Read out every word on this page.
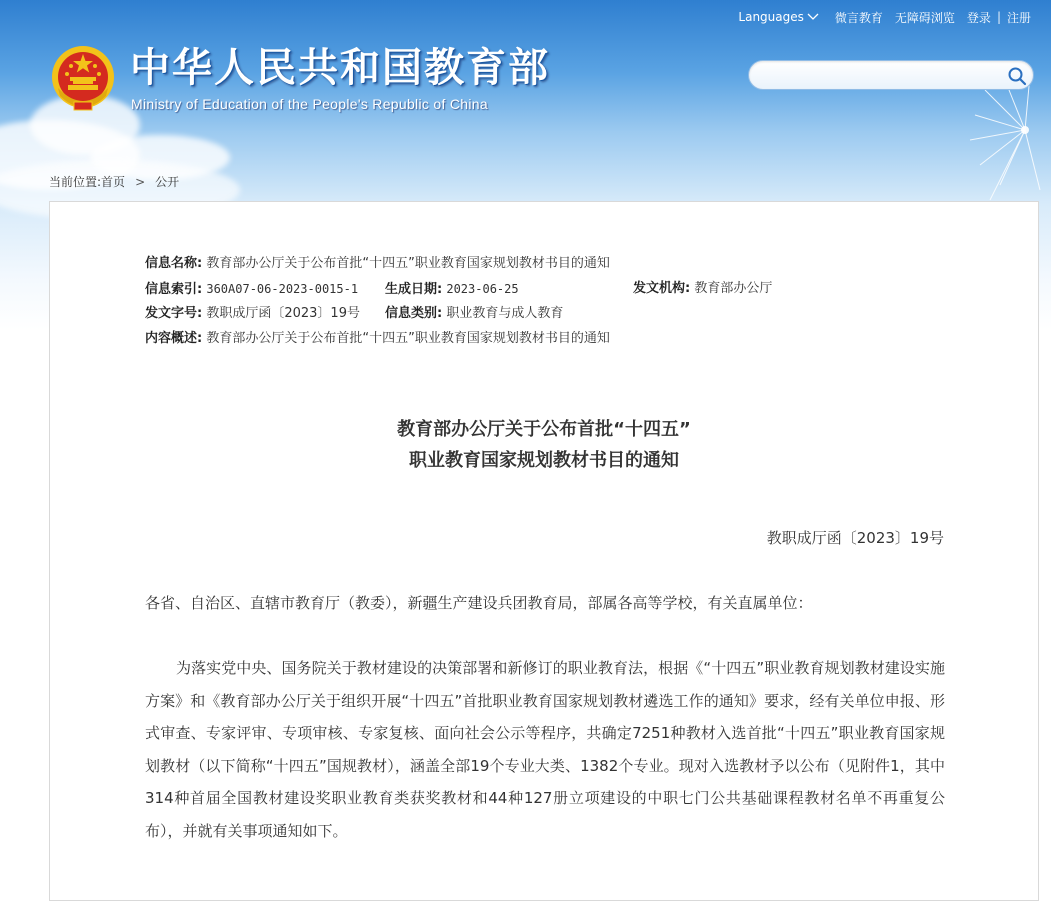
Languages	微言教育	无障碍浏览	登录 | 注册
中华人民共和国教育部
Ministry of Education of the People's Republic of China
当前位置: 首页 > 公开
信息名称: 教育部办公厅关于公布首批“十四五”职业教育国家规划教材书目的通知
信息索引: 360A07-06-2023-0015-1 生成日期: 2023-06-25	发文机构: 教育部办公厅
发文字号: 教职成厅函〔2023〕19号 信息类别: 职业教育与成人教育
内容概述: 教育部办公厅关于公布首批“十四五”职业教育国家规划教材书目的通知
教育部办公厅关于公布首批“十四五”
职业教育国家规划教材书目的通知
教职成厅函〔2023〕19号
各省、自治区、直辖市教育厅（教委），新疆生产建设兵团教育局，部属各高等学校，有关直属单位：

为落实党中央、国务院关于教材建设的决策部署和新修订的职业教育法，根据《“十四五”职业教育规划教材建设实施方案》和《教育部办公厅关于组织开展“十四五”首批职业教育国家规划教材遴选工作的通知》要求，经有关单位申报、形式审查、专家评审、专项审核、专家复核、面向社会公示等程序，共确定7251种教材入选首批“十四五”职业教育国家规划教材（以下简称“十四五”国规教材），涵盖全部19个专业大类、1382个专业。现对入选教材予以公布（见附件1，其中314种首届全国教材建设奖职业教育类获奖教材和44种127册立项建设的中职七门公共基础课程教材名单不再重复公布），并就有关事项通知如下。
